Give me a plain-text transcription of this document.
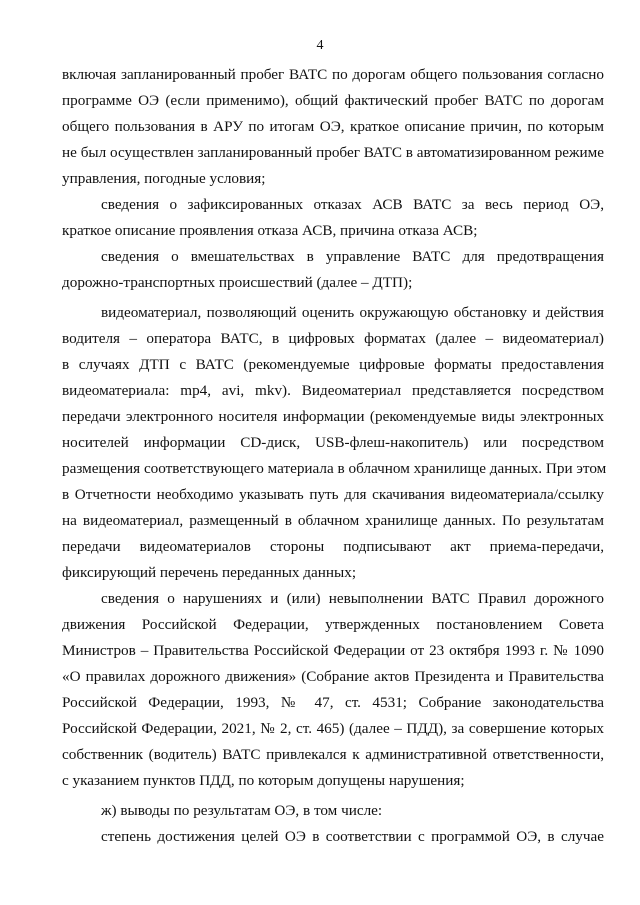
4
включая запланированный пробег ВАТС по дорогам общего пользования согласно
программе ОЭ (если применимо), общий фактический пробег ВАТС по дорогам
общего пользования в АРУ по итогам ОЭ, краткое описание причин, по которым
не был осуществлен запланированный пробег ВАТС в автоматизированном режиме
управления, погодные условия;
сведения о зафиксированных отказах АСВ ВАТС за весь период ОЭ,
краткое описание проявления отказа АСВ, причина отказа АСВ;
сведения о вмешательствах в управление ВАТС для предотвращения
дорожно-транспортных происшествий (далее – ДТП);
видеоматериал, позволяющий оценить окружающую обстановку и действия
водителя – оператора ВАТС, в цифровых форматах (далее – видеоматериал)
в случаях ДТП с ВАТС (рекомендуемые цифровые форматы предоставления
видеоматериала: mp4, avi, mkv). Видеоматериал представляется посредством
передачи электронного носителя информации (рекомендуемые виды электронных
носителей информации CD-диск, USB-флеш-накопитель) или посредством
размещения соответствующего материала в облачном хранилище данных. При этом
в Отчетности необходимо указывать путь для скачивания видеоматериала/ссылку
на видеоматериал, размещенный в облачном хранилище данных. По результатам
передачи видеоматериалов стороны подписывают акт приема-передачи,
фиксирующий перечень переданных данных;
сведения о нарушениях и (или) невыполнении ВАТС Правил дорожного
движения Российской Федерации, утвержденных постановлением Совета
Министров – Правительства Российской Федерации от 23 октября 1993 г. № 1090
«О правилах дорожного движения» (Собрание актов Президента и Правительства
Российской Федерации, 1993, № 47, ст. 4531; Собрание законодательства
Российской Федерации, 2021, № 2, ст. 465) (далее – ПДД), за совершение которых
собственник (водитель) ВАТС привлекался к административной ответственности,
с указанием пунктов ПДД, по которым допущены нарушения;
ж) выводы по результатам ОЭ, в том числе:
степень достижения целей ОЭ в соответствии с программой ОЭ, в случае
